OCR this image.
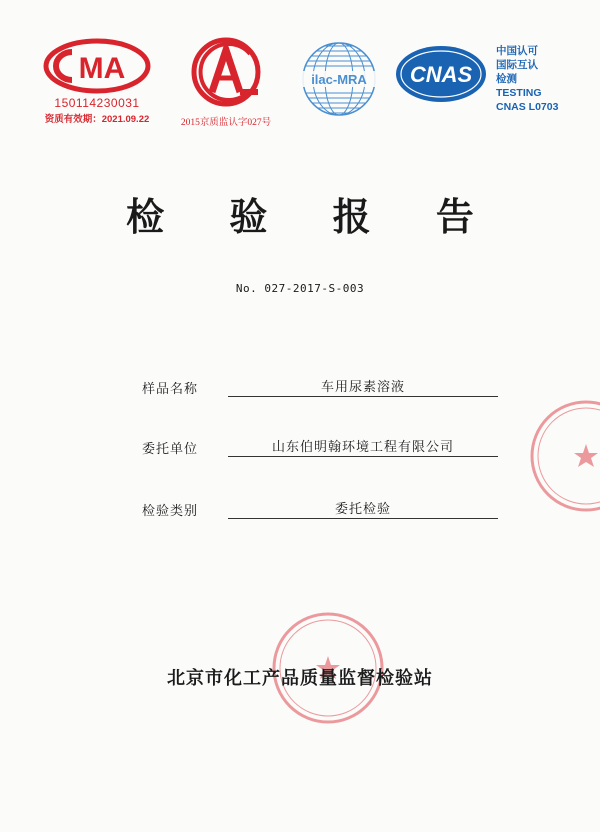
MA
150114230031
资质有效期：2021.09.22	2015京质监认字027号
ilac-MRA CNAS
中国认可
国际互认
检测
TESTING
CNAS L0703
检 验 报 告
No. 027-2017-S-003
样品名称	车用尿素溶液
委托单位	山东伯明翰环境工程有限公司
检验类别	委托检验
北京市化工产品质量监督检验站
